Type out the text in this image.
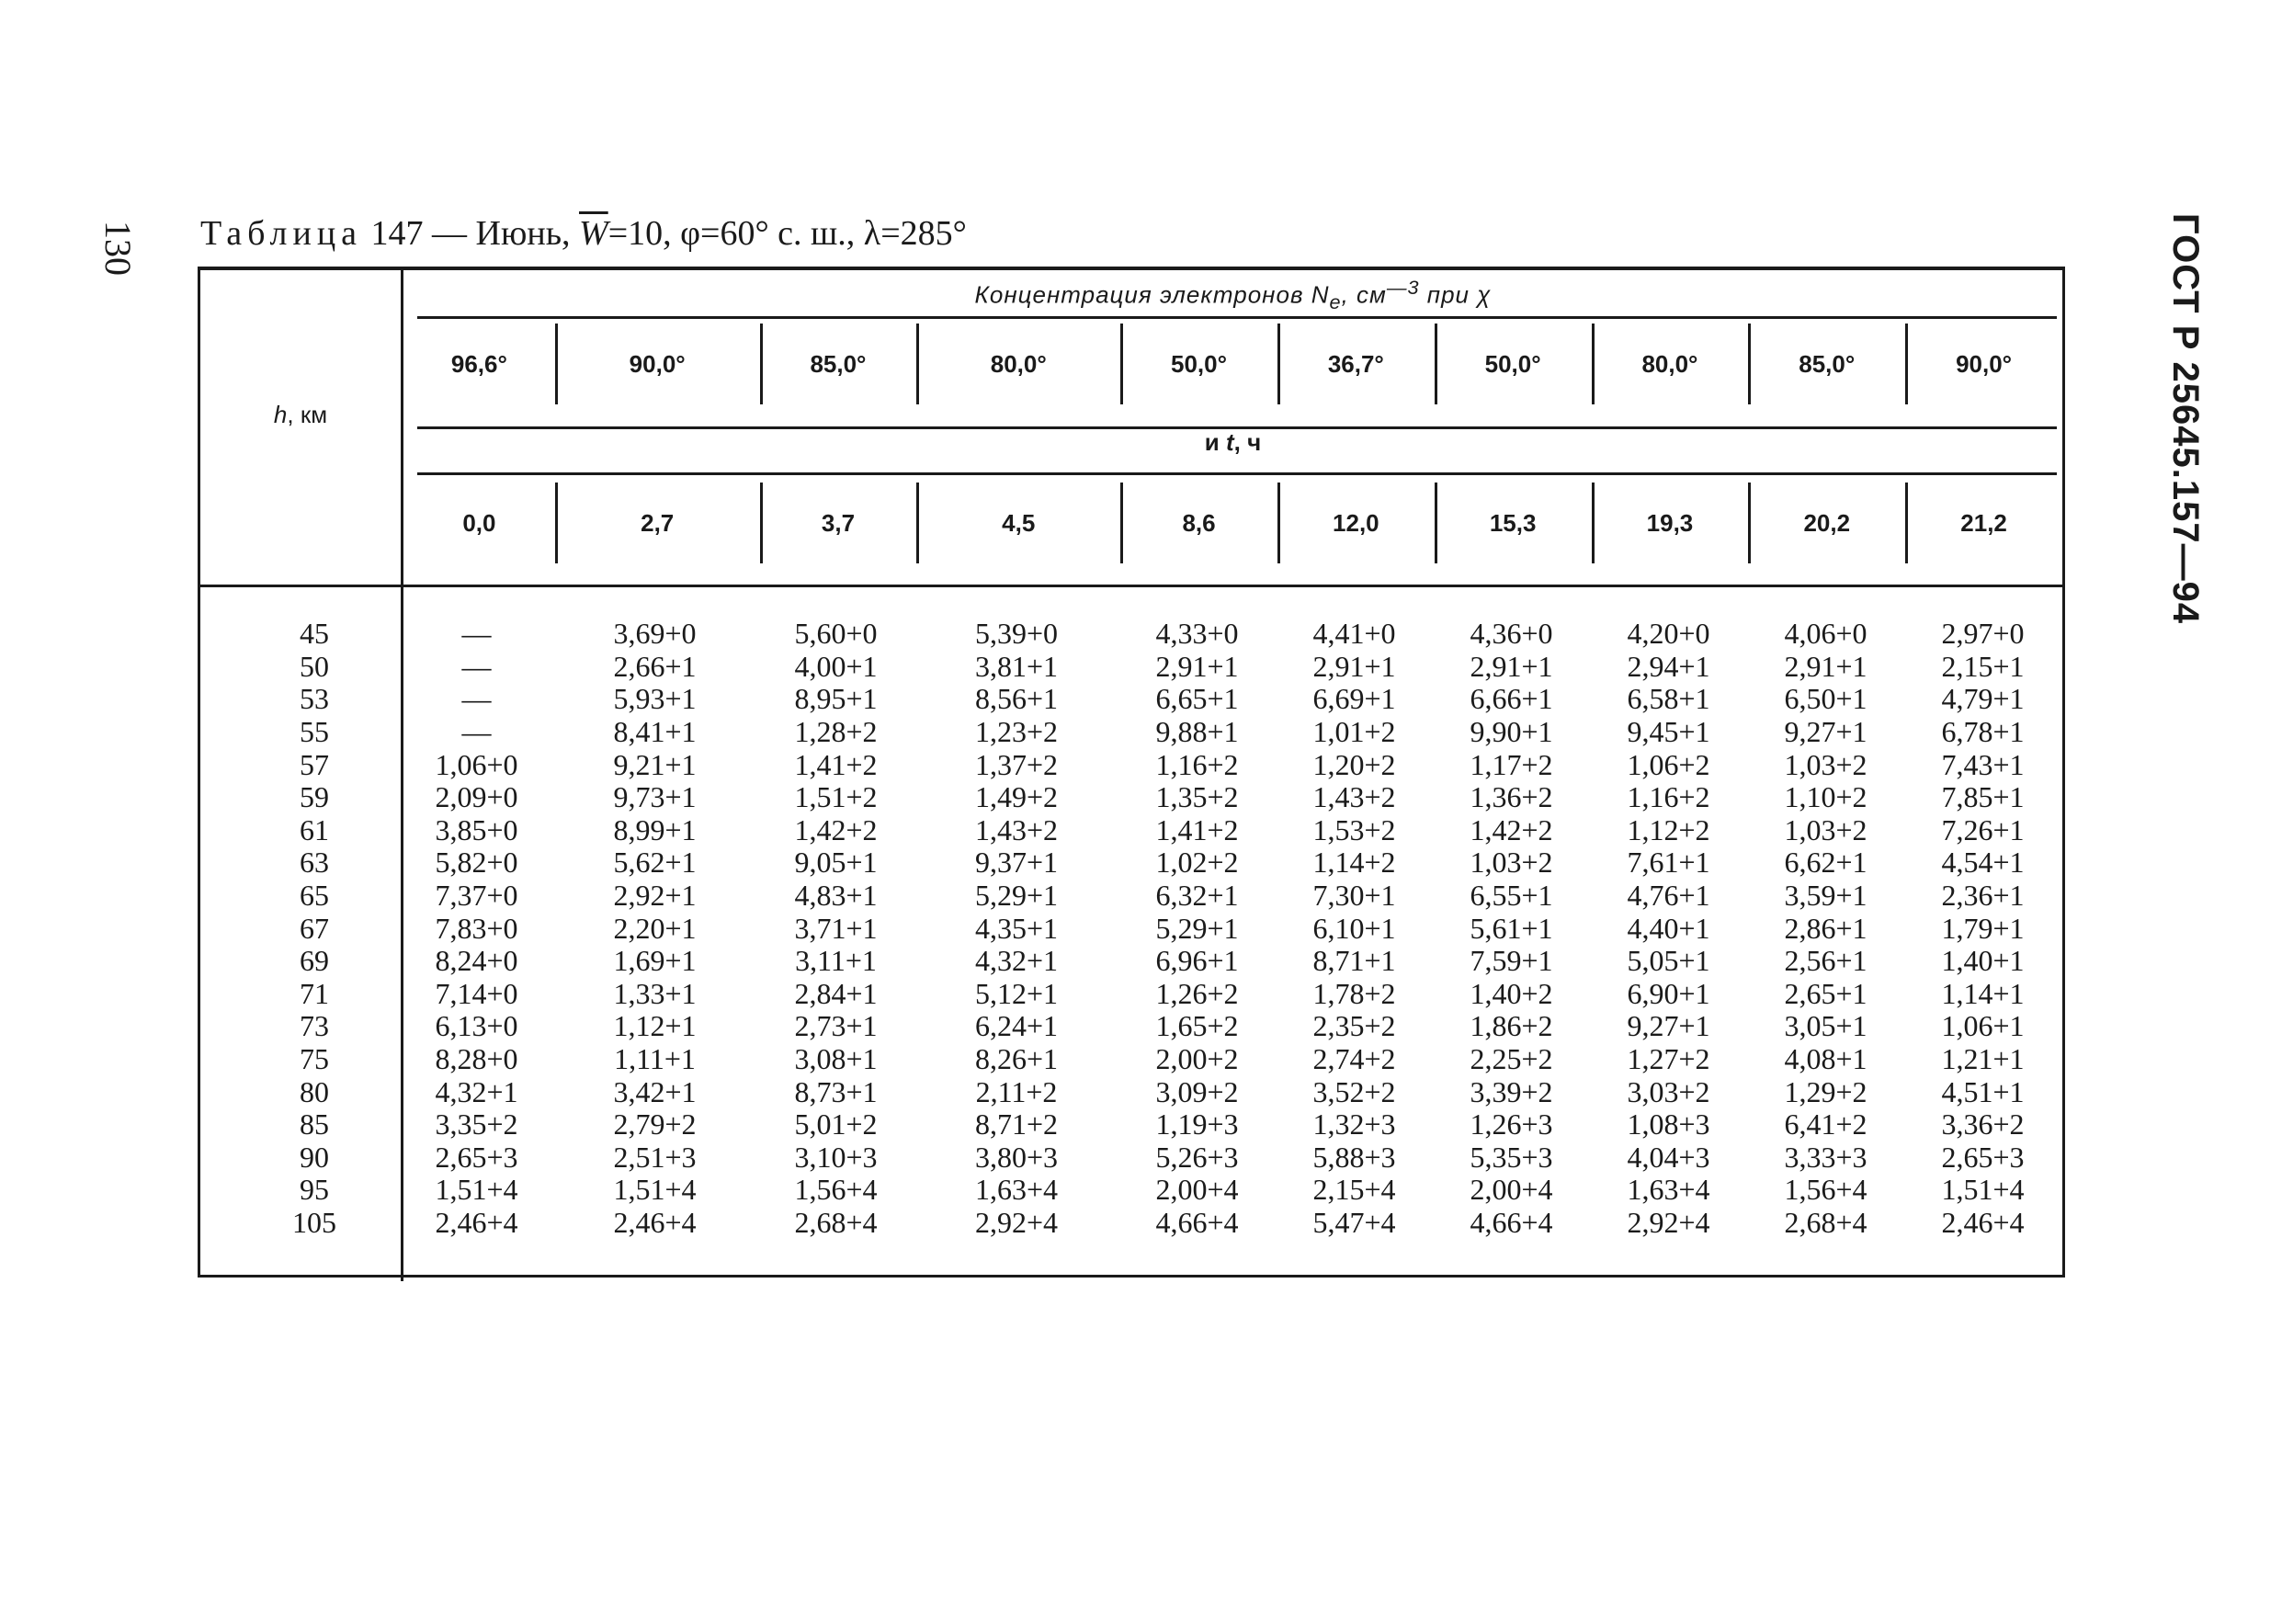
130	ГОСТ Р 25645.157—94
Таблица 147 — Июнь, $\overline{W}=10$, φ=60° с. ш., λ=285°
h, км
Концентрация электронов $N_e$, $см^{—3}$ при χ
96,6°	90,0°	85,0°	80,0°	50,0°	36,7°	50,0°	80,0°	85,0°	90,0°
и t, ч
0,0	2,7	3,7	4,5	8,6	12,0	15,3	19,3	20,2	21,2
45	—	3,69+0	5,60+0	5,39+0	4,33+0	4,41+0	4,36+0	4,20+0	4,06+0	2,97+0
50	—	2,66+1	4,00+1	3,81+1	2,91+1	2,91+1	2,91+1	2,94+1	2,91+1	2,15+1
53	—	5,93+1	8,95+1	8,56+1	6,65+1	6,69+1	6,66+1	6,58+1	6,50+1	4,79+1
55	—	8,41+1	1,28+2	1,23+2	9,88+1	1,01+2	9,90+1	9,45+1	9,27+1	6,78+1
57	1,06+0	9,21+1	1,41+2	1,37+2	1,16+2	1,20+2	1,17+2	1,06+2	1,03+2	7,43+1
59	2,09+0	9,73+1	1,51+2	1,49+2	1,35+2	1,43+2	1,36+2	1,16+2	1,10+2	7,85+1
61	3,85+0	8,99+1	1,42+2	1,43+2	1,41+2	1,53+2	1,42+2	1,12+2	1,03+2	7,26+1
63	5,82+0	5,62+1	9,05+1	9,37+1	1,02+2	1,14+2	1,03+2	7,61+1	6,62+1	4,54+1
65	7,37+0	2,92+1	4,83+1	5,29+1	6,32+1	7,30+1	6,55+1	4,76+1	3,59+1	2,36+1
67	7,83+0	2,20+1	3,71+1	4,35+1	5,29+1	6,10+1	5,61+1	4,40+1	2,86+1	1,79+1
69	8,24+0	1,69+1	3,11+1	4,32+1	6,96+1	8,71+1	7,59+1	5,05+1	2,56+1	1,40+1
71	7,14+0	1,33+1	2,84+1	5,12+1	1,26+2	1,78+2	1,40+2	6,90+1	2,65+1	1,14+1
73	6,13+0	1,12+1	2,73+1	6,24+1	1,65+2	2,35+2	1,86+2	9,27+1	3,05+1	1,06+1
75	8,28+0	1,11+1	3,08+1	8,26+1	2,00+2	2,74+2	2,25+2	1,27+2	4,08+1	1,21+1
80	4,32+1	3,42+1	8,73+1	2,11+2	3,09+2	3,52+2	3,39+2	3,03+2	1,29+2	4,51+1
85	3,35+2	2,79+2	5,01+2	8,71+2	1,19+3	1,32+3	1,26+3	1,08+3	6,41+2	3,36+2
90	2,65+3	2,51+3	3,10+3	3,80+3	5,26+3	5,88+3	5,35+3	4,04+3	3,33+3	2,65+3
95	1,51+4	1,51+4	1,56+4	1,63+4	2,00+4	2,15+4	2,00+4	1,63+4	1,56+4	1,51+4
105	2,46+4	2,46+4	2,68+4	2,92+4	4,66+4	5,47+4	4,66+4	2,92+4	2,68+4	2,46+4
